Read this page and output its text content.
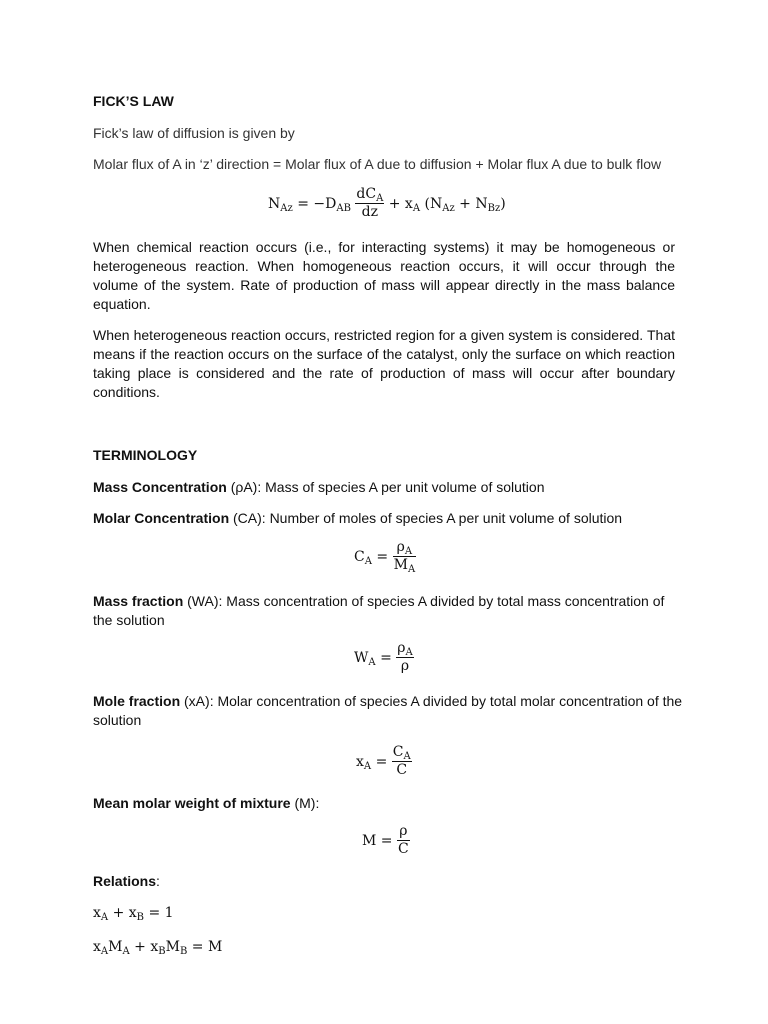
FICK’S LAW
Fick’s law of diffusion is given by
Molar flux of A in ‘z’ direction = Molar flux of A due to diffusion + Molar flux A due to bulk flow
$N_{Az} = -D_{AB} \frac{dC_A}{dz} + x_A$ $(N_{Az} + N_{Bz})$
When chemical reaction occurs (i.e., for interacting systems) it may be homogeneous or heterogeneous reaction. When homogeneous reaction occurs, it will occur through the volume of the system. Rate of production of mass will appear directly in the mass balance equation.
When heterogeneous reaction occurs, restricted region for a given system is considered. That means if the reaction occurs on the surface of the catalyst, only the surface on which reaction taking place is considered and the rate of production of mass will occur after boundary conditions.
TERMINOLOGY
Mass Concentration (ρA): Mass of species A per unit volume of solution
Molar Concentration (CA): Number of moles of species A per unit volume of solution
$C_A = \frac{\rho_A}{M_A}$
Mass fraction (WA): Mass concentration of species A divided by total mass concentration of the solution
$W_A = \frac{\rho_A}{\rho}$
Mole fraction (xA): Molar concentration of species A divided by total molar concentration of the solution
$x_A = \frac{C_A}{C}$
Mean molar weight of mixture (M):
$M = \frac{\rho}{C}$
Relations:
$x_A + x_B = 1$
$x_AM_A + x_BM_B = M$
